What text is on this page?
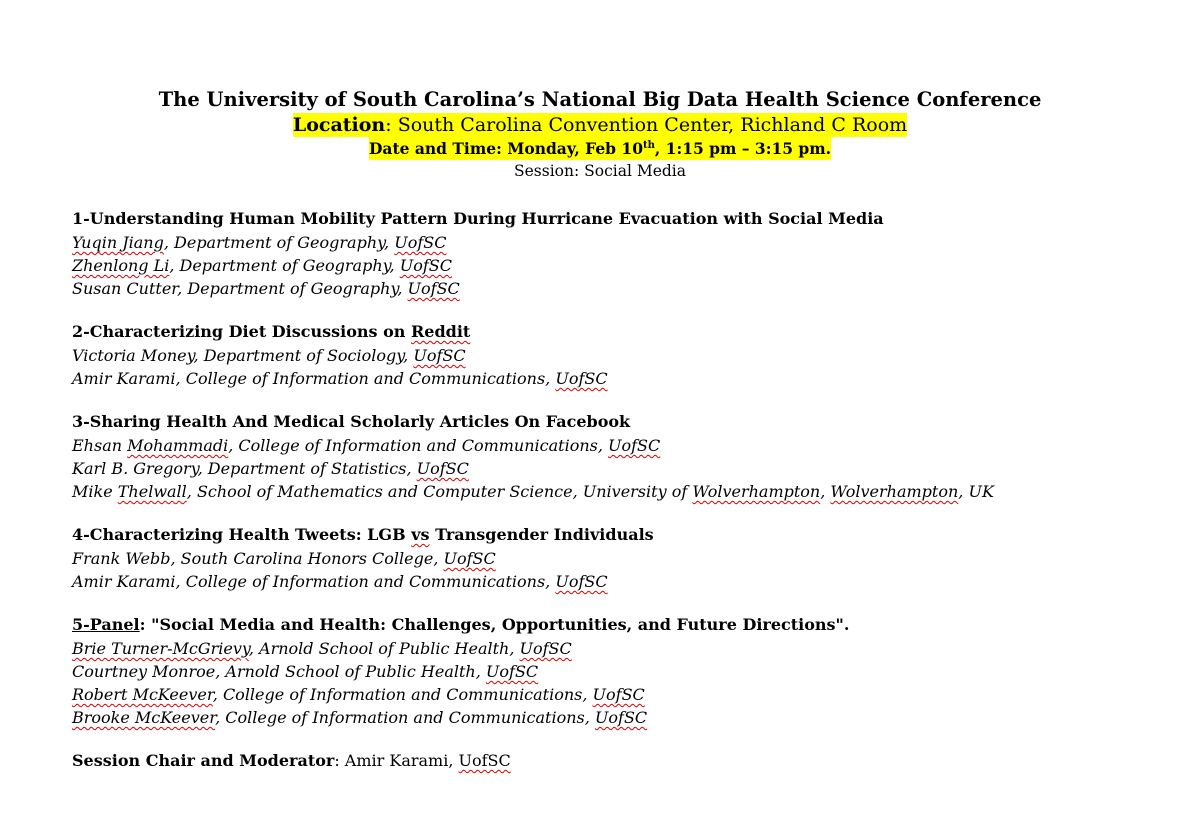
The University of South Carolina’s National Big Data Health Science Conference
Location: South Carolina Convention Center, Richland C Room
Date and Time: Monday, Feb 10th, 1:15 pm – 3:15 pm.
Session: Social Media
1-Understanding Human Mobility Pattern During Hurricane Evacuation with Social Media
Yuqin Jiang, Department of Geography, UofSC
Zhenlong Li, Department of Geography, UofSC
Susan Cutter, Department of Geography, UofSC
2-Characterizing Diet Discussions on Reddit
Victoria Money, Department of Sociology, UofSC
Amir Karami, College of Information and Communications, UofSC
3-Sharing Health And Medical Scholarly Articles On Facebook
Ehsan Mohammadi, College of Information and Communications, UofSC
Karl B. Gregory, Department of Statistics, UofSC
Mike Thelwall, School of Mathematics and Computer Science, University of Wolverhampton, Wolverhampton, UK
4-Characterizing Health Tweets: LGB vs Transgender Individuals
Frank Webb, South Carolina Honors College, UofSC
Amir Karami, College of Information and Communications, UofSC
5-Panel: "Social Media and Health: Challenges, Opportunities, and Future Directions".
Brie Turner-McGrievy, Arnold School of Public Health, UofSC
Courtney Monroe, Arnold School of Public Health, UofSC
Robert McKeever, College of Information and Communications, UofSC
Brooke McKeever, College of Information and Communications, UofSC
Session Chair and Moderator: Amir Karami, UofSC
